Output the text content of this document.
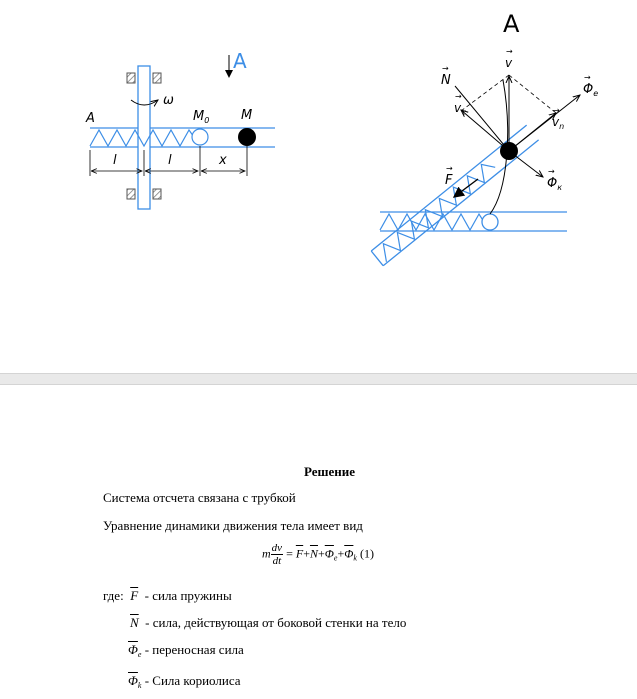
A
ω
$M_0$ M
l	l	x
A
A
→ v
→ N
→ $v_\tau$
→ $v_n$
→ $\Phi_e$
→ $\Phi_к$
→ F
Решение
Система отсчета связана с трубкой
Уравнение динамики движения тела имеет вид
m $\frac{dv}{dt} = \overline{F}+\overline{N}+\overline{\Phi}_e+\overline{\Phi}_k$ (1)
где: $\overline{F}$ - сила пружины
$\overline{N}$ - сила, действующая от боковой стенки на тело
$\overline{\Phi}_e$ - переносная сила
$\overline{\Phi}_k$ - Сила кориолиса
